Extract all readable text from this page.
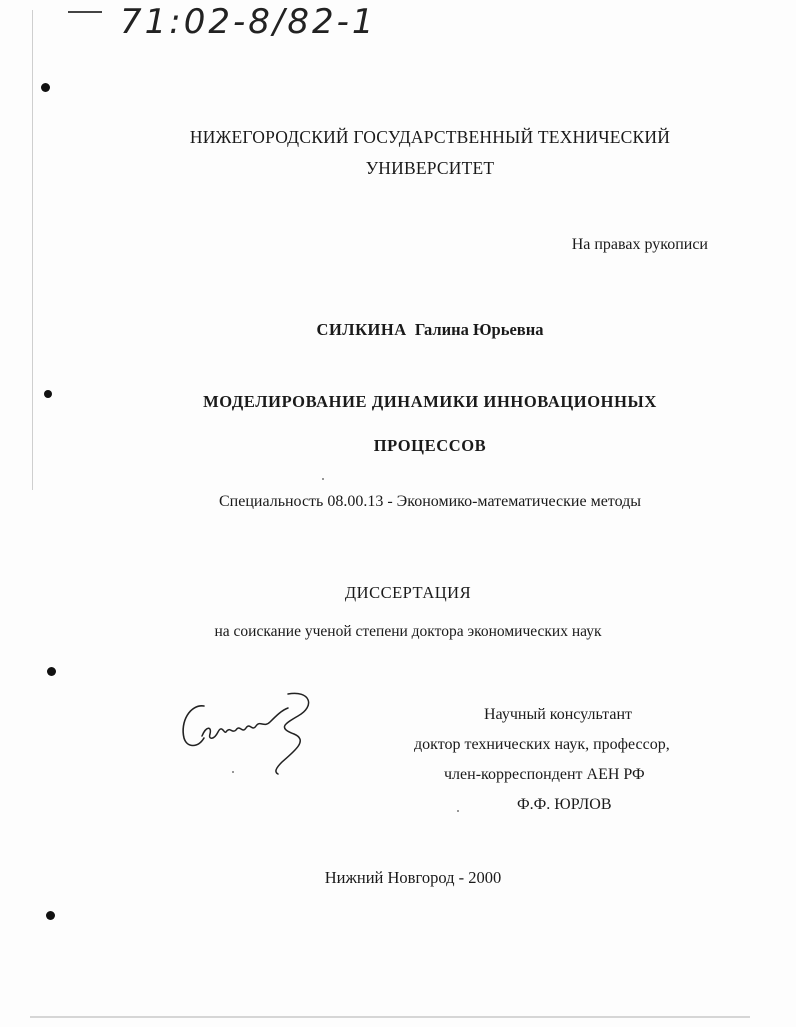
71:02-8/82-1
НИЖЕГОРОДСКИЙ ГОСУДАРСТВЕННЫЙ ТЕХНИЧЕСКИЙ
УНИВЕРСИТЕТ
На правах рукописи
СИЛКИНА Галина Юрьевна
МОДЕЛИРОВАНИЕ ДИНАМИКИ ИННОВАЦИОННЫХ
ПРОЦЕССОВ
Специальность 08.00.13 - Экономико-математические методы
ДИССЕРТАЦИЯ
на соискание ученой степени доктора экономических наук
Научный консультант
доктор технических наук, профессор,
член-корреспондент АЕН РФ
Ф.Ф. ЮРЛОВ
Нижний Новгород - 2000
